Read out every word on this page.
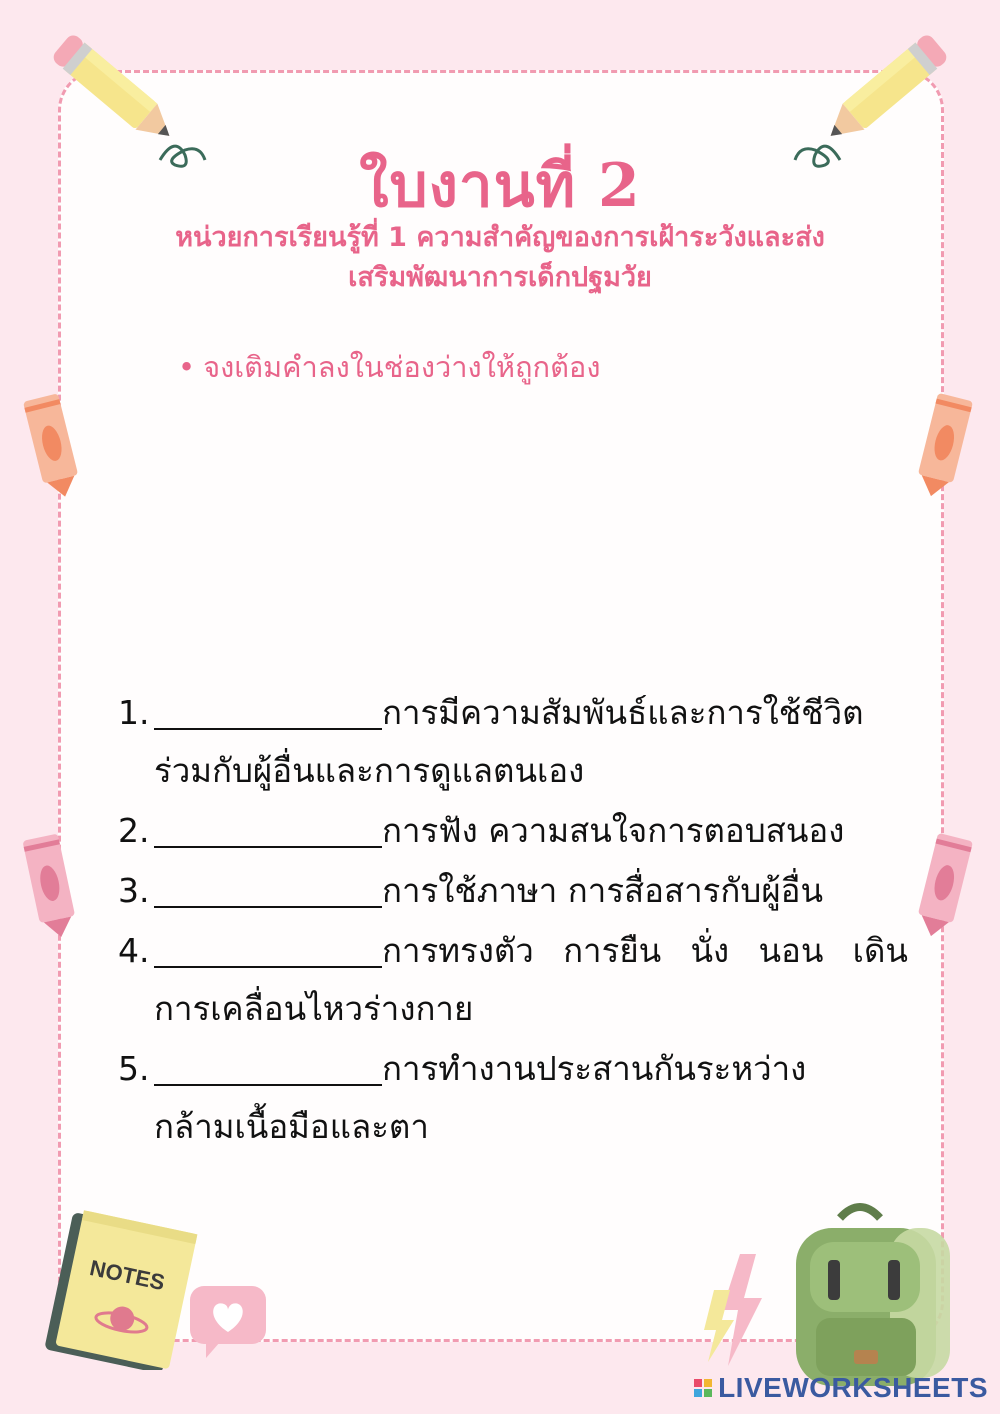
NOTES
ใบงานที่ 2
หน่วยการเรียนรู้ที่ 1 ความสำคัญของการเฝ้าระวังและส่ง
เสริมพัฒนาการเด็กปฐมวัย
• จงเติมคำลงในช่องว่างให้ถูกต้อง
1.	การมีความสัมพันธ์และการใช้ชีวิต
ร่วมกับผู้อื่นและการดูแลตนเอง
2.	การฟัง ความสนใจการตอบสนอง
3.	การใช้ภาษา การสื่อสารกับผู้อื่น
4.	การทรงตัว การยืน นั่ง นอน เดิน
การเคลื่อนไหวร่างกาย
5.	การทำงานประสานกันระหว่าง
กล้ามเนื้อมือและตา
LIVEWORKSHEETS
